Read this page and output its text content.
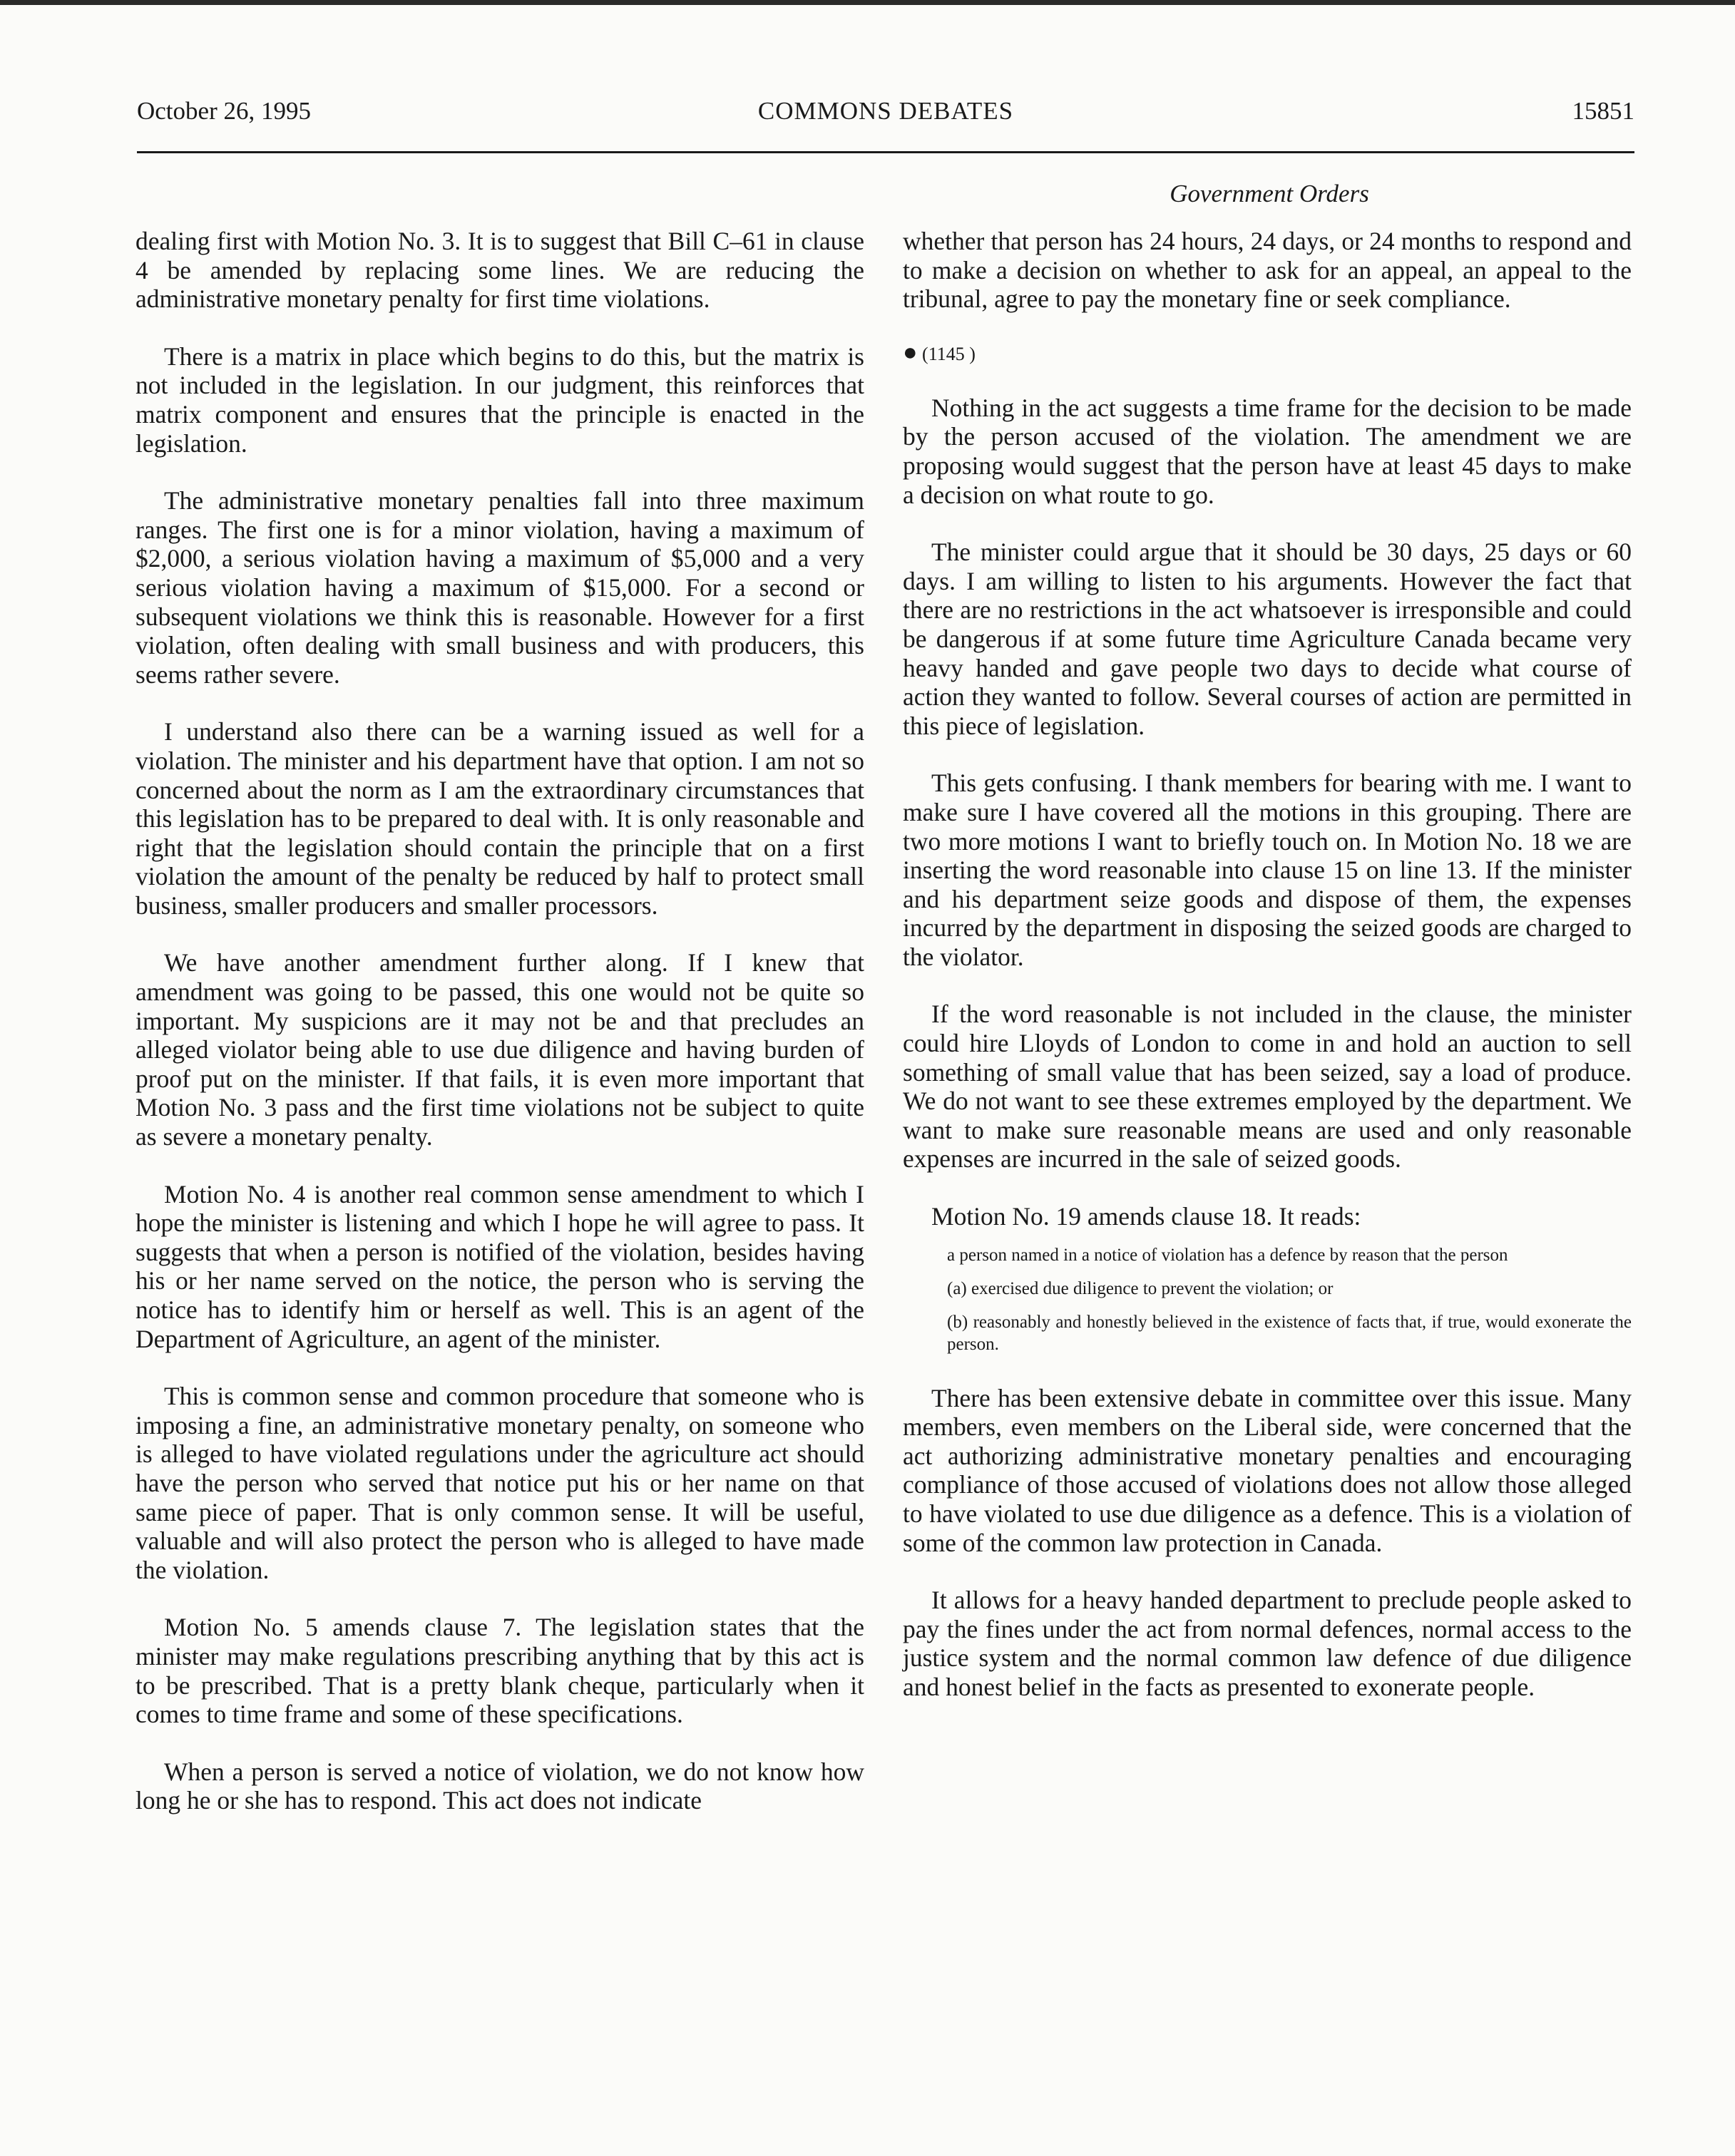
October 26, 1995	COMMONS DEBATES	15851
Government Orders

dealing first with Motion No. 3. It is to suggest that Bill C–61 in clause 4 be amended by replacing some lines. We are reducing the administrative monetary penalty for first time violations.

There is a matrix in place which begins to do this, but the matrix is not included in the legislation. In our judgment, this reinforces that matrix component and ensures that the principle is enacted in the legislation.

The administrative monetary penalties fall into three maximum ranges. The first one is for a minor violation, having a maximum of $2,000, a serious violation having a maximum of $5,000 and a very serious violation having a maximum of $15,000. For a second or subsequent violations we think this is reasonable. However for a first violation, often dealing with small business and with producers, this seems rather severe.

I understand also there can be a warning issued as well for a violation. The minister and his department have that option. I am not so concerned about the norm as I am the extraordinary circumstances that this legislation has to be prepared to deal with. It is only reasonable and right that the legislation should contain the principle that on a first violation the amount of the penalty be reduced by half to protect small business, smaller producers and smaller processors.

We have another amendment further along. If I knew that amendment was going to be passed, this one would not be quite so important. My suspicions are it may not be and that precludes an alleged violator being able to use due diligence and having burden of proof put on the minister. If that fails, it is even more important that Motion No. 3 pass and the first time violations not be subject to quite as severe a monetary penalty.

Motion No. 4 is another real common sense amendment to which I hope the minister is listening and which I hope he will agree to pass. It suggests that when a person is notified of the violation, besides having his or her name served on the notice, the person who is serving the notice has to identify him or herself as well. This is an agent of the Department of Agriculture, an agent of the minister.

This is common sense and common procedure that someone who is imposing a fine, an administrative monetary penalty, on someone who is alleged to have violated regulations under the agriculture act should have the person who served that notice put his or her name on that same piece of paper. That is only common sense. It will be useful, valuable and will also protect the person who is alleged to have made the violation.

Motion No. 5 amends clause 7. The legislation states that the minister may make regulations prescribing anything that by this act is to be prescribed. That is a pretty blank cheque, particularly when it comes to time frame and some of these specifications.

When a person is served a notice of violation, we do not know how long he or she has to respond. This act does not indicate

whether that person has 24 hours, 24 days, or 24 months to respond and to make a decision on whether to ask for an appeal, an appeal to the tribunal, agree to pay the monetary fine or seek compliance.

● (1145 )

Nothing in the act suggests a time frame for the decision to be made by the person accused of the violation. The amendment we are proposing would suggest that the person have at least 45 days to make a decision on what route to go.

The minister could argue that it should be 30 days, 25 days or 60 days. I am willing to listen to his arguments. However the fact that there are no restrictions in the act whatsoever is irresponsible and could be dangerous if at some future time Agriculture Canada became very heavy handed and gave people two days to decide what course of action they wanted to follow. Several courses of action are permitted in this piece of legislation.

This gets confusing. I thank members for bearing with me. I want to make sure I have covered all the motions in this grouping. There are two more motions I want to briefly touch on. In Motion No. 18 we are inserting the word reasonable into clause 15 on line 13. If the minister and his department seize goods and dispose of them, the expenses incurred by the department in disposing the seized goods are charged to the violator.

If the word reasonable is not included in the clause, the minister could hire Lloyds of London to come in and hold an auction to sell something of small value that has been seized, say a load of produce. We do not want to see these extremes employed by the department. We want to make sure reasonable means are used and only reasonable expenses are incurred in the sale of seized goods.

Motion No. 19 amends clause 18. It reads:

a person named in a notice of violation has a defence by reason that the person
(a) exercised due diligence to prevent the violation; or
(b) reasonably and honestly believed in the existence of facts that, if true, would exonerate the person.

There has been extensive debate in committee over this issue. Many members, even members on the Liberal side, were concerned that the act authorizing administrative monetary penalties and encouraging compliance of those accused of violations does not allow those alleged to have violated to use due diligence as a defence. This is a violation of some of the common law protection in Canada.

It allows for a heavy handed department to preclude people asked to pay the fines under the act from normal defences, normal access to the justice system and the normal common law defence of due diligence and honest belief in the facts as presented to exonerate people.
